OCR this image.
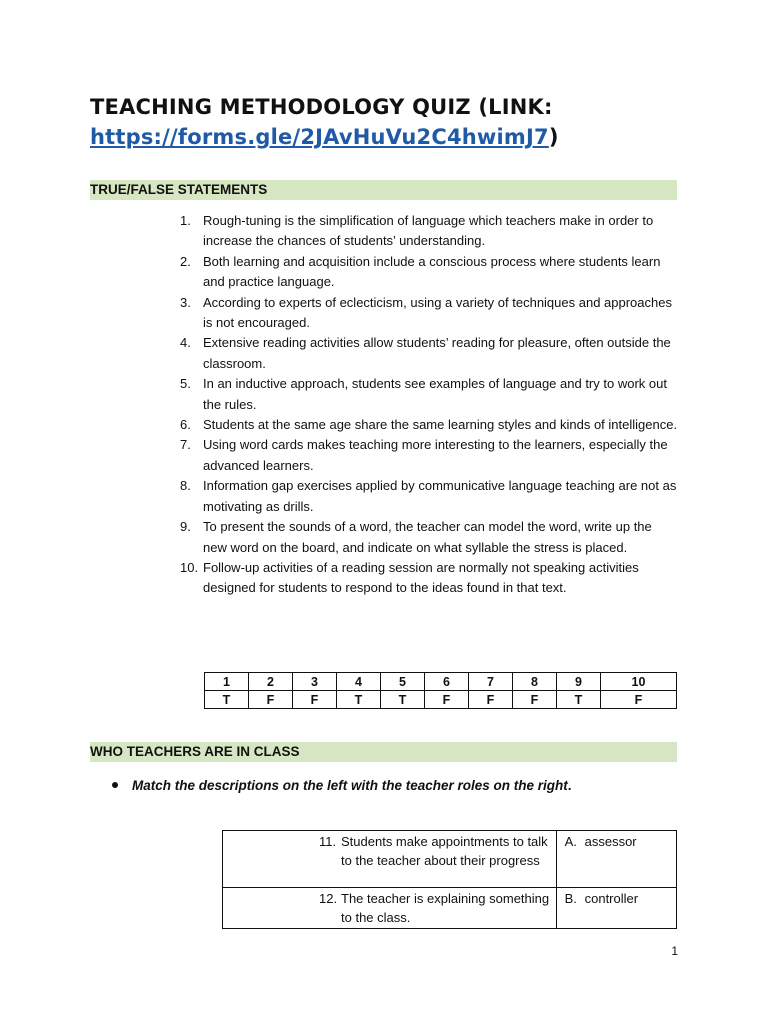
TEACHING METHODOLOGY QUIZ (LINK:
https://forms.gle/2JAvHuVu2C4hwimJ7)
TRUE/FALSE STATEMENTS
1. Rough-tuning is the simplification of language which teachers make in order to increase the chances of students’ understanding.
2. Both learning and acquisition include a conscious process where students learn and practice language.
3. According to experts of eclecticism, using a variety of techniques and approaches is not encouraged.
4. Extensive reading activities allow students’ reading for pleasure, often outside the classroom.
5. In an inductive approach, students see examples of language and try to work out the rules.
6. Students at the same age share the same learning styles and kinds of intelligence.
7. Using word cards makes teaching more interesting to the learners, especially the advanced learners.
8. Information gap exercises applied by communicative language teaching are not as motivating as drills.
9. To present the sounds of a word, the teacher can model the word, write up the new word on the board, and indicate on what syllable the stress is placed.
10. Follow-up activities of a reading session are normally not speaking activities designed for students to respond to the ideas found in that text.
1	2	3	4	5	6	7	8	9	10
T	F	F	T	T	F	F	F	T	F
WHO TEACHERS ARE IN CLASS
Match the descriptions on the left with the teacher roles on the right.
11. Students make appointments to talk to the teacher about their progress	A. assessor

12. The teacher is explaining something to the class.	B. controller
1
